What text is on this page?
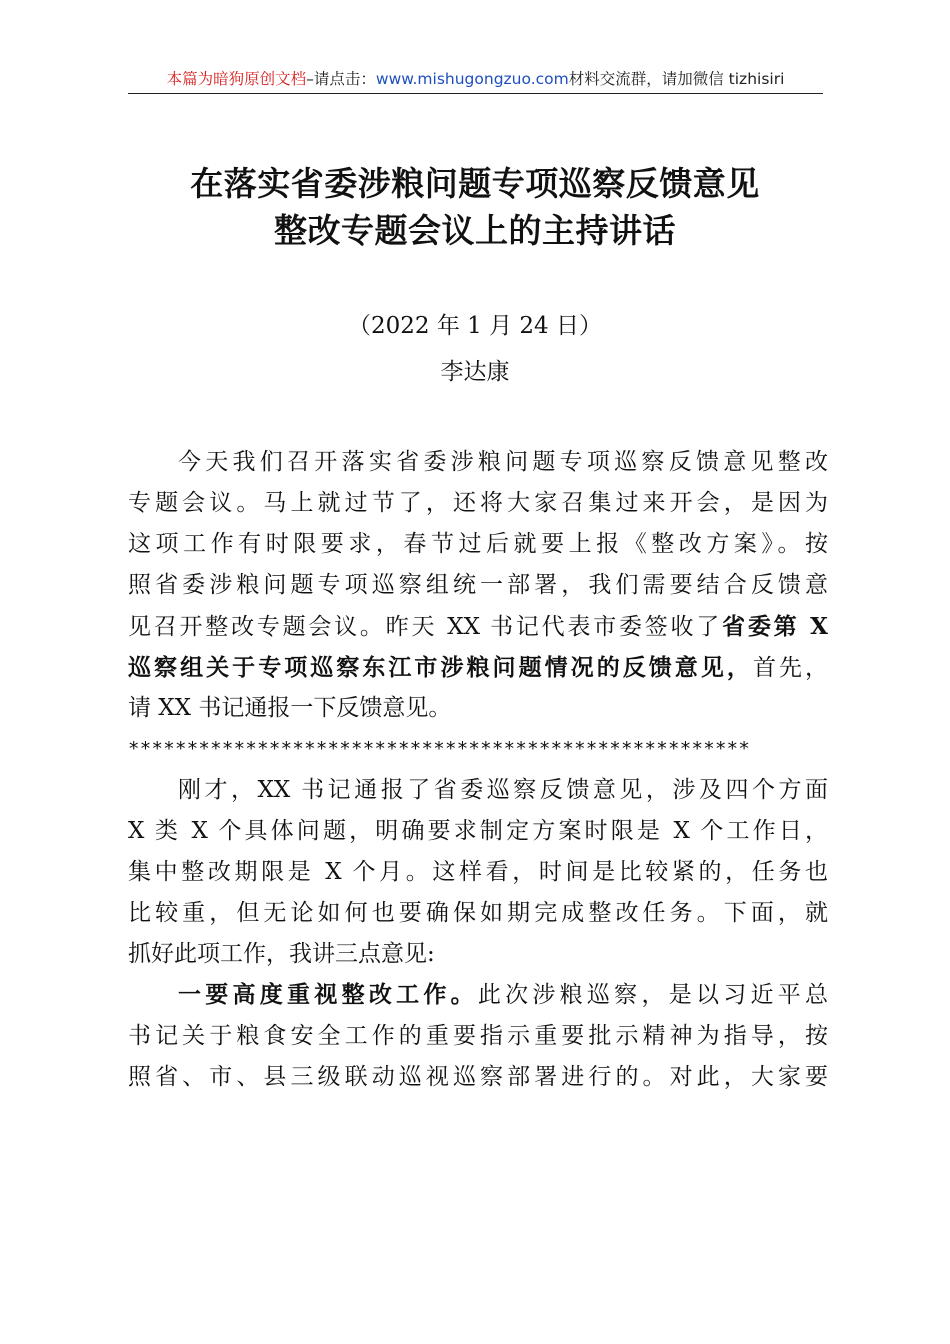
本篇为暗狗原创文档–请点击：www.mishugongzuo.com材料交流群，请加微信 tizhisiri
在落实省委涉粮问题专项巡察反馈意见
整改专题会议上的主持讲话
（2022 年 1 月 24 日）
李达康
今天我们召开落实省委涉粮问题专项巡察反馈意见整改
专题会议。马上就过节了，还将大家召集过来开会，是因为
这项工作有时限要求，春节过后就要上报《整改方案》。按
照省委涉粮问题专项巡察组统一部署，我们需要结合反馈意
见召开整改专题会议。昨天 XX 书记代表市委签收了省委第 X
巡察组关于专项巡察东江市涉粮问题情况的反馈意见，首先，
请 XX 书记通报一下反馈意见。
*****************************************************
刚才，XX 书记通报了省委巡察反馈意见，涉及四个方面
X 类 X 个具体问题，明确要求制定方案时限是 X 个工作日，
集中整改期限是 X 个月。这样看，时间是比较紧的，任务也
比较重，但无论如何也要确保如期完成整改任务。下面，就
抓好此项工作，我讲三点意见:
一要高度重视整改工作。此次涉粮巡察，是以习近平总
书记关于粮食安全工作的重要指示重要批示精神为指导，按
照省、市、县三级联动巡视巡察部署进行的。对此，大家要
